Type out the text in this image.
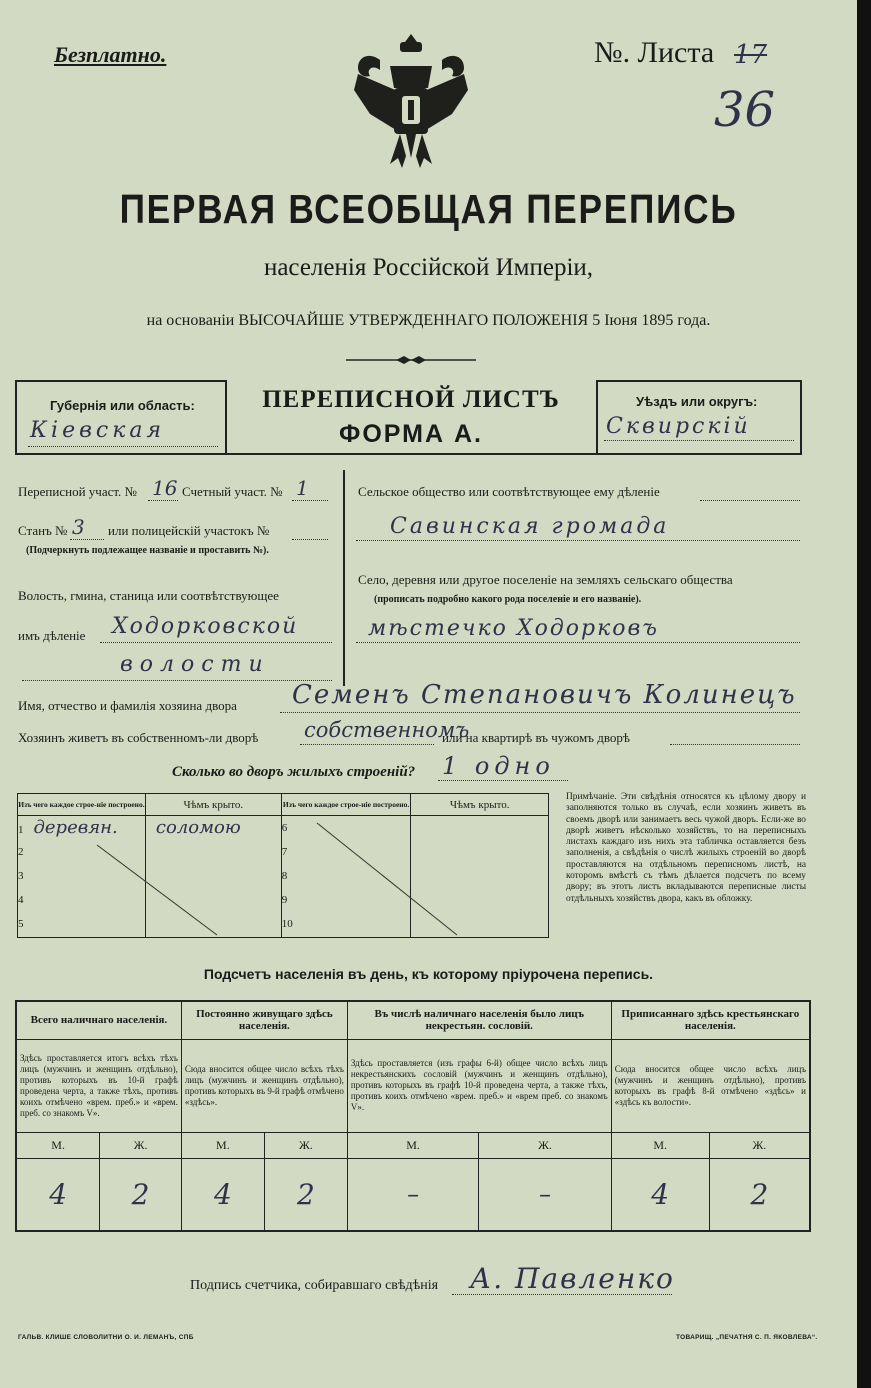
Безплатно.	№. Листа 17
36
ПЕРВАЯ ВСЕОБЩАЯ ПЕРЕПИСЬ
населенія Россійской Имперіи,
на основаніи ВЫСОЧАЙШЕ УТВЕРЖДЕННАГО ПОЛОЖЕНІЯ 5 Іюня 1895 года.
Губернія или область:
Кіевская
ПЕРЕПИСНОЙ ЛИСТЪ
ФОРМА А.
Уѣздъ или округъ:
Сквирскій
Переписной участ. № 16 Счетный участ. № 1
Станъ № 3 или полицейскій участокъ №
(Подчеркнуть подлежащее названіе и проставить №).
Волость, гмина, станица или соотвѣтствующее
имъ дѣленіе Ходорковской
волости
Сельское общество или соотвѣтствующее ему дѣленіе
Савинская громада
Село, деревня или другое поселеніе на земляхъ сельскаго общества
(прописать подробно какого рода поселеніе и его названіе).
мѣстечко Ходорковъ
Имя, отчество и фамилія хозяина двора Семенъ Степановичъ Колинецъ
Хозяинъ живетъ въ собственномъ-ли дворѣ собственномъ
или на квартирѣ въ чужомъ дворѣ
Сколько во дворъ жилыхъ строеній? 1 одно
Изъ чего каждое строе-ніе построено.	Чѣмъ крыто.	Изъ чего каждое строе-ніе построено.	Чѣмъ крыто.
1 деревян.	соломою	6	
2		7	
3		8	
4		9	
5		10	
Примѣчаніе. Эти свѣдѣнія относятся къ цѣлому двору и заполняются только въ случаѣ, если хозяинъ живетъ въ своемъ дворѣ или занимаетъ весь чужой дворъ. Если-же во дворѣ живетъ нѣсколько хозяйствъ, то на переписныхъ листахъ каждаго изъ нихъ эта табличка оставляется безъ заполненія, а свѣдѣнія о числѣ жилыхъ строеній во дворѣ проставляются на отдѣльномъ переписномъ листѣ, на которомъ вмѣстѣ съ тѣмъ дѣлается подсчетъ по всему двору; въ этотъ листъ вкладываются переписные листы отдѣльныхъ хозяйствъ двора, какъ въ обложку.
Подсчетъ населенія въ день, къ которому пріурочена перепись.
Всего наличнаго населенія.		Постоянно живущаго здѣсь населенія.		Въ числѣ наличнаго населенія было лицъ некрестьян. сословій.		Приписаннаго здѣсь крестьянскаго населенія.	
Здѣсь проставляется итогъ всѣхъ тѣхъ лицъ (мужчинъ и женщинъ отдѣльно), противъ которыхъ въ 10-й графѣ проведена черта, а также тѣхъ, противъ коихъ отмѣчено «врем. преб.» и «врем. преб. со знакомъ V».		Сюда вносится общее число всѣхъ тѣхъ лицъ (мужчинъ и женщинъ отдѣльно), противъ которыхъ въ 9-й графѣ отмѣчено «здѣсь».		Здѣсь проставляется (изъ графы 6-й) общее число всѣхъ лицъ некрестьянскихъ сословій (мужчинъ и женщинъ отдѣльно), противъ которыхъ въ графѣ 10-й проведена черта, а также тѣхъ, противъ коихъ отмѣчено «врем. преб.» и «врем преб. со знакомъ V».		Сюда вносится общее число всѣхъ лицъ (мужчинъ и женщинъ отдѣльно), противъ которыхъ въ графѣ 8-й отмѣчено «здѣсь» и «здѣсь къ волости».	
М.	Ж.	М.	Ж.	М.	Ж.	М.	Ж.
4	2	4	2	–	–	4	2
Подпись счетчика, собиравшаго свѣдѣнія А. Павленко
ГАЛЬВ. КЛИШЕ СЛОВОЛИТНИ О. И. ЛЕМАНЪ, СПБ	ТОВАРИЩ. „ПЕЧАТНЯ С. П. ЯКОВЛЕВА“.
